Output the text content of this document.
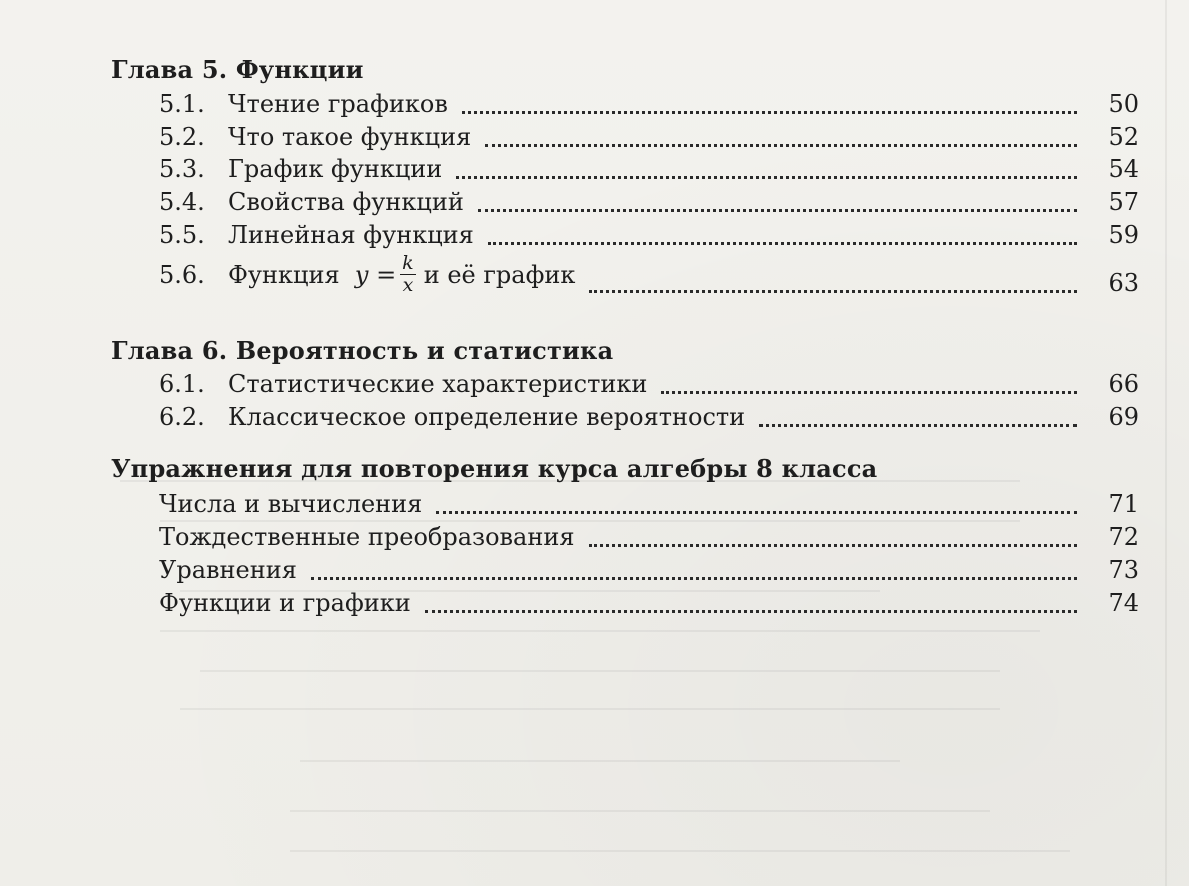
Глава 5. Функции
5.1. Чтение графиков	50
5.2. Что такое функция	52
5.3. График функции	54
5.4. Свойства функций	57
5.5. Линейная функция	59
5.6. Функция $y = \frac{k}{x}$ и её график	63
Глава 6. Вероятность и статистика
6.1. Статистические характеристики	66
6.2. Классическое определение вероятности	69
Упражнения для повторения курса алгебры 8 класса
Числа и вычисления	71
Тождественные преобразования	72
Уравнения	73
Функции и графики	74
